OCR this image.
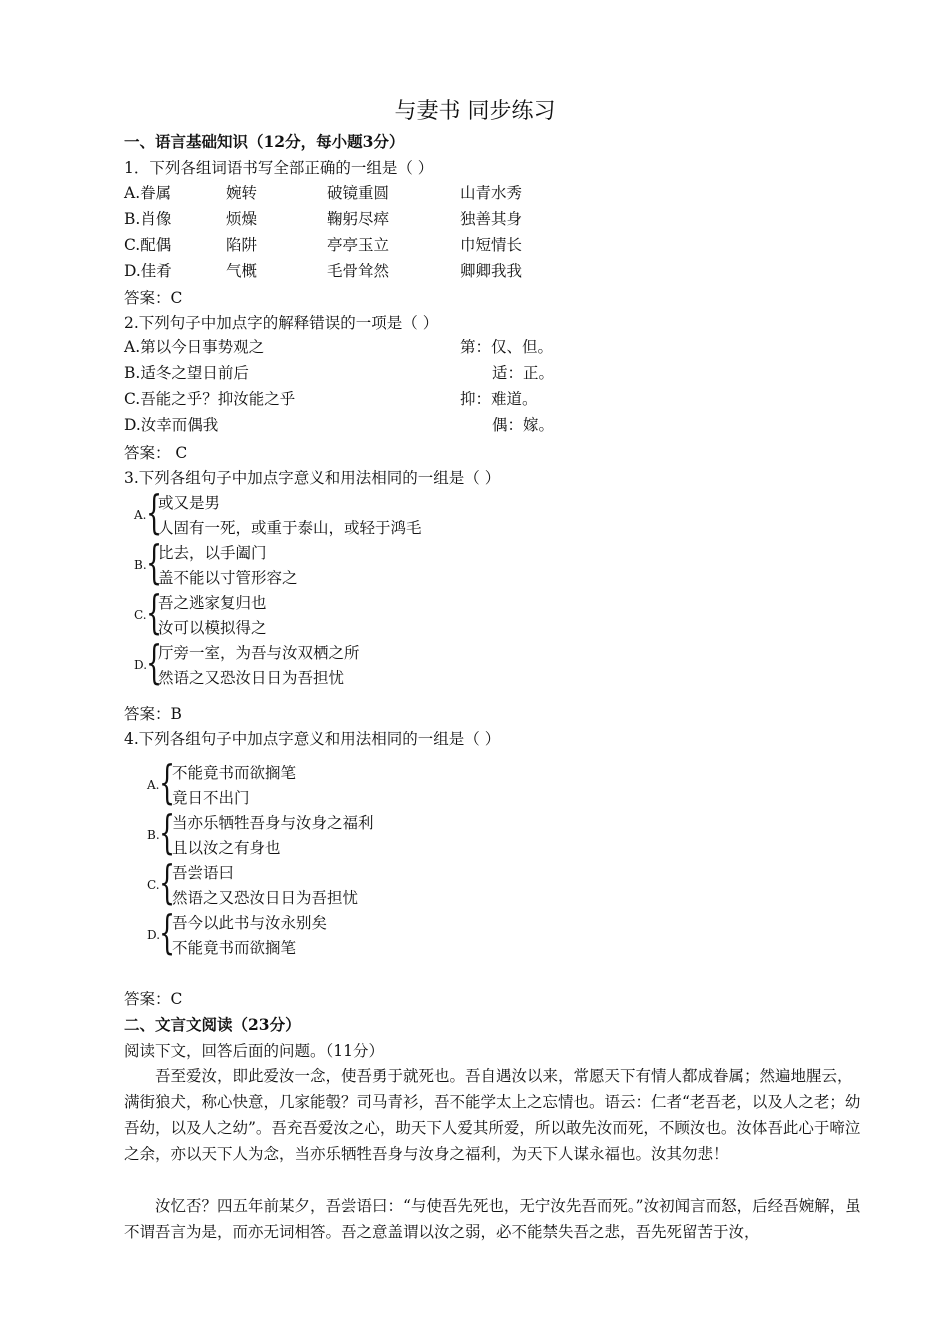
与妻书 同步练习
一、语言基础知识（12分，每小题3分）
1．下列各组词语书写全部正确的一组是（ ）
A.眷属	婉转	破镜重圆	山青水秀
B.肖像	烦燥	鞠躬尽瘁	独善其身
C.配偶	陷阱	亭亭玉立	巾短情长
D.佳肴	气概	毛骨耸然	卿卿我我
答案：C
2.下列句子中加点字的解释错误的一项是（ ）
A.第以今日事势观之	第：仅、但。
B.适冬之望日前后	适：正。
C.吾能之乎？抑汝能之乎	抑：难道。
D.汝幸而偶我	偶：嫁。
答案： C
3.下列各组句子中加点字意义和用法相同的一组是（ ）
A. {
或又是男
人固有一死，或重于泰山，或轻于鸿毛
B. {
比去，以手阖门
盖不能以寸管形容之
C. {
吾之逃家复归也
汝可以模拟得之
D.
{
厅旁一室，为吾与汝双栖之所
然语之又恐汝日日为吾担忧
答案：B
4.下列各组句子中加点字意义和用法相同的一组是（ ）
A. {
不能竟书而欲搁笔
竟日不出门
B. {
当亦乐牺牲吾身与汝身之福利
且以汝之有身也
C. {
吾尝语曰
然语之又恐汝日日为吾担忧
D.
{
吾今以此书与汝永别矣
不能竟书而欲搁笔
答案：C
二、文言文阅读（23分）
阅读下文，回答后面的问题。（11分）
吾至爱汝，即此爱汝一念，使吾勇于就死也。吾自遇汝以来，常愿天下有情人都成眷属；然遍地腥云，满街狼犬，称心快意，几家能彀？司马青衫，吾不能学太上之忘情也。语云：仁者“老吾老，以及人之老；幼吾幼，以及人之幼”。吾充吾爱汝之心，助天下人爱其所爱，所以敢先汝而死，不顾汝也。汝体吾此心于啼泣之余，亦以天下人为念，当亦乐牺牲吾身与汝身之福利，为天下人谋永福也。汝其勿悲！
汝忆否？四五年前某夕，吾尝语曰：“与使吾先死也，无宁汝先吾而死。”汝初闻言而怒，后经吾婉解，虽不谓吾言为是，而亦无词相答。吾之意盖谓以汝之弱，必不能禁失吾之悲，吾先死留苦于汝，
